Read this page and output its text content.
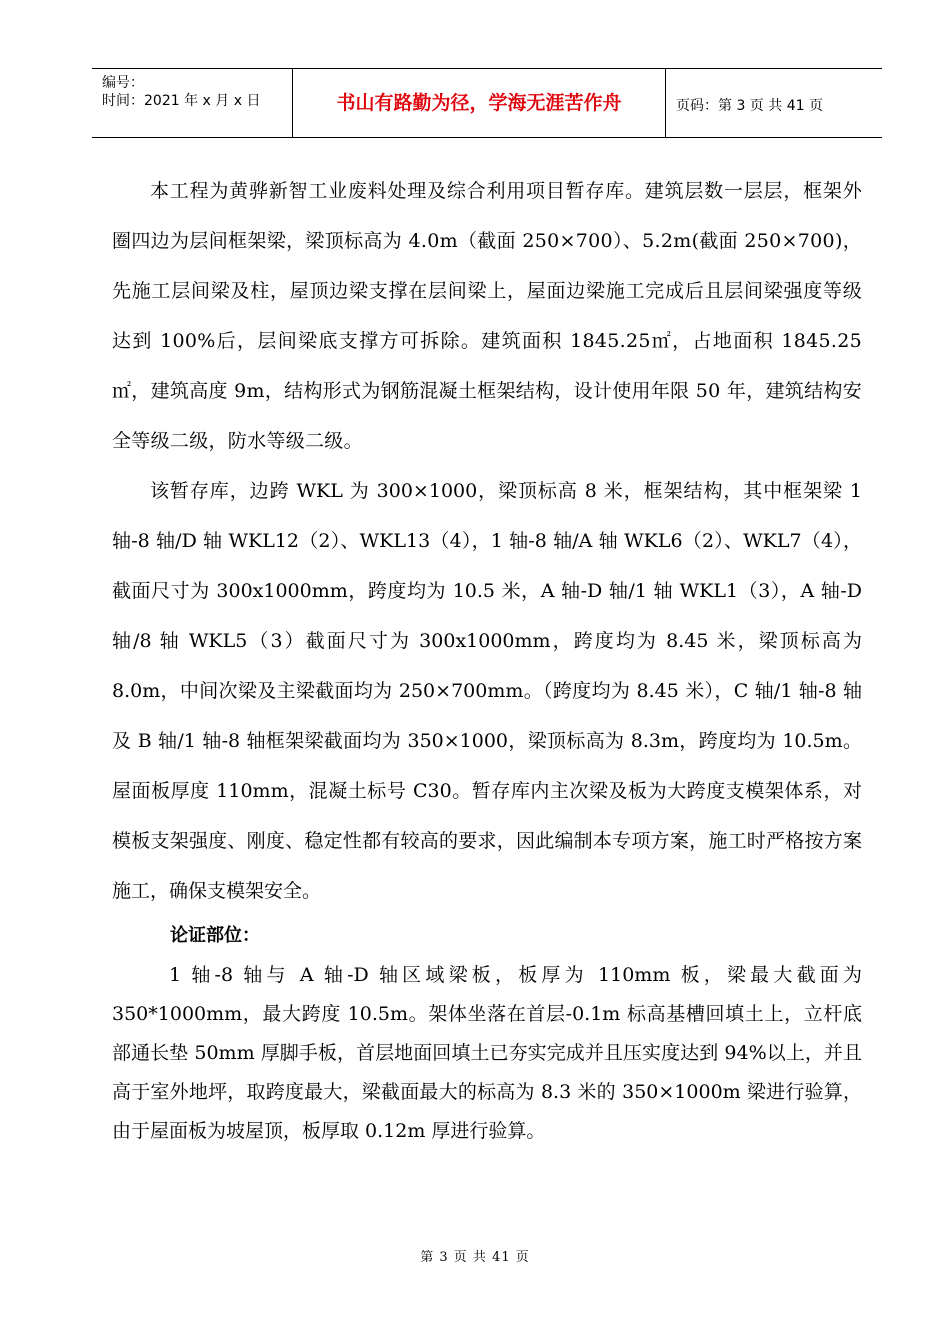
编号：
时间：2021 年 x 月 x 日	书山有路勤为径，学海无涯苦作舟	页码：第 3 页 共 41 页

本工程为黄骅新智工业废料处理及综合利用项目暂存库。建筑层数一层层，框架外圈四边为层间框架梁，梁顶标高为 4.0m（截面 250×700）、5.2m(截面 250×700)，先施工层间梁及柱，屋顶边梁支撑在层间梁上，屋面边梁施工完成后且层间梁强度等级达到 100%后，层间梁底支撑方可拆除。建筑面积 1845.25㎡，占地面积 1845.25㎡，建筑高度 9m，结构形式为钢筋混凝土框架结构，设计使用年限 50 年，建筑结构安全等级二级，防水等级二级。

该暂存库，边跨 WKL 为 300×1000，梁顶标高 8 米，框架结构，其中框架梁 1 轴-8 轴/D 轴 WKL12（2）、WKL13（4），1 轴-8 轴/A 轴 WKL6（2）、WKL7（4），截面尺寸为 300x1000mm，跨度均为 10.5 米，A 轴-D 轴/1 轴 WKL1（3），A 轴-D 轴/8 轴 WKL5（3）截面尺寸为 300x1000mm，跨度均为 8.45 米，梁顶标高为 8.0m，中间次梁及主梁截面均为 250×700mm。（跨度均为 8.45 米），C 轴/1 轴-8 轴及 B 轴/1 轴-8 轴框架梁截面均为 350×1000，梁顶标高为 8.3m，跨度均为 10.5m。屋面板厚度 110mm，混凝土标号 C30。暂存库内主次梁及板为大跨度支模架体系，对模板支架强度、刚度、稳定性都有较高的要求，因此编制本专项方案，施工时严格按方案施工，确保支模架安全。

论证部位：

1 轴-8 轴与 A 轴-D 轴区域梁板，板厚为 110mm 板，梁最大截面为 350*1000mm，最大跨度 10.5m。架体坐落在首层-0.1m 标高基槽回填土上，立杆底部通长垫 50mm 厚脚手板，首层地面回填土已夯实完成并且压实度达到 94%以上，并且高于室外地坪，取跨度最大，梁截面最大的标高为 8.3 米的 350×1000m 梁进行验算，由于屋面板为坡屋顶，板厚取 0.12m 厚进行验算。

第 3 页 共 41 页
